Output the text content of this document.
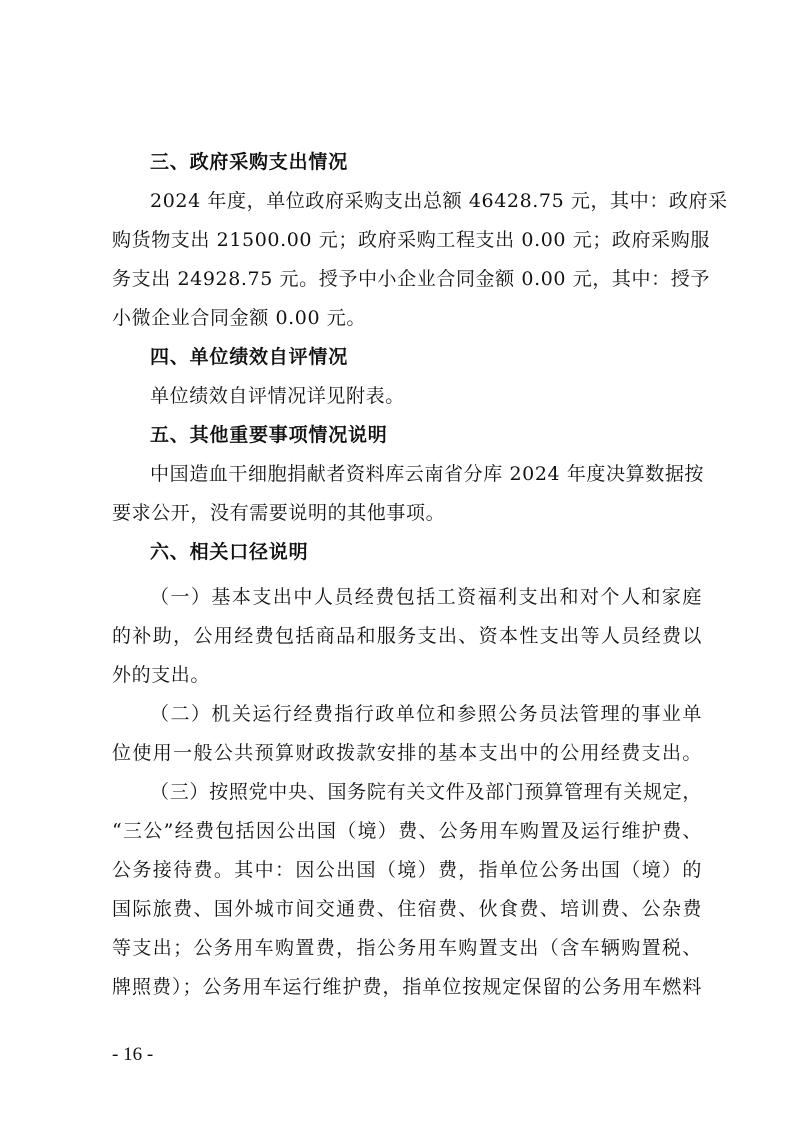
三、政府采购支出情况
2024 年度，单位政府采购支出总额 46428.75 元，其中：政府采
购货物支出 21500.00 元；政府采购工程支出 0.00 元；政府采购服
务支出 24928.75 元。授予中小企业合同金额 0.00 元，其中：授予
小微企业合同金额 0.00 元。
四、单位绩效自评情况
单位绩效自评情况详见附表。
五、其他重要事项情况说明
中国造血干细胞捐献者资料库云南省分库 2024 年度决算数据按
要求公开，没有需要说明的其他事项。
六、相关口径说明
（一）基本支出中人员经费包括工资福利支出和对个人和家庭
的补助，公用经费包括商品和服务支出、资本性支出等人员经费以
外的支出。
（二）机关运行经费指行政单位和参照公务员法管理的事业单
位使用一般公共预算财政拨款安排的基本支出中的公用经费支出。
（三）按照党中央、国务院有关文件及部门预算管理有关规定，
“三公”经费包括因公出国（境）费、公务用车购置及运行维护费、
公务接待费。其中：因公出国（境）费，指单位公务出国（境）的
国际旅费、国外城市间交通费、住宿费、伙食费、培训费、公杂费
等支出；公务用车购置费，指公务用车购置支出（含车辆购置税、
牌照费）；公务用车运行维护费，指单位按规定保留的公务用车燃料
- 16 -
